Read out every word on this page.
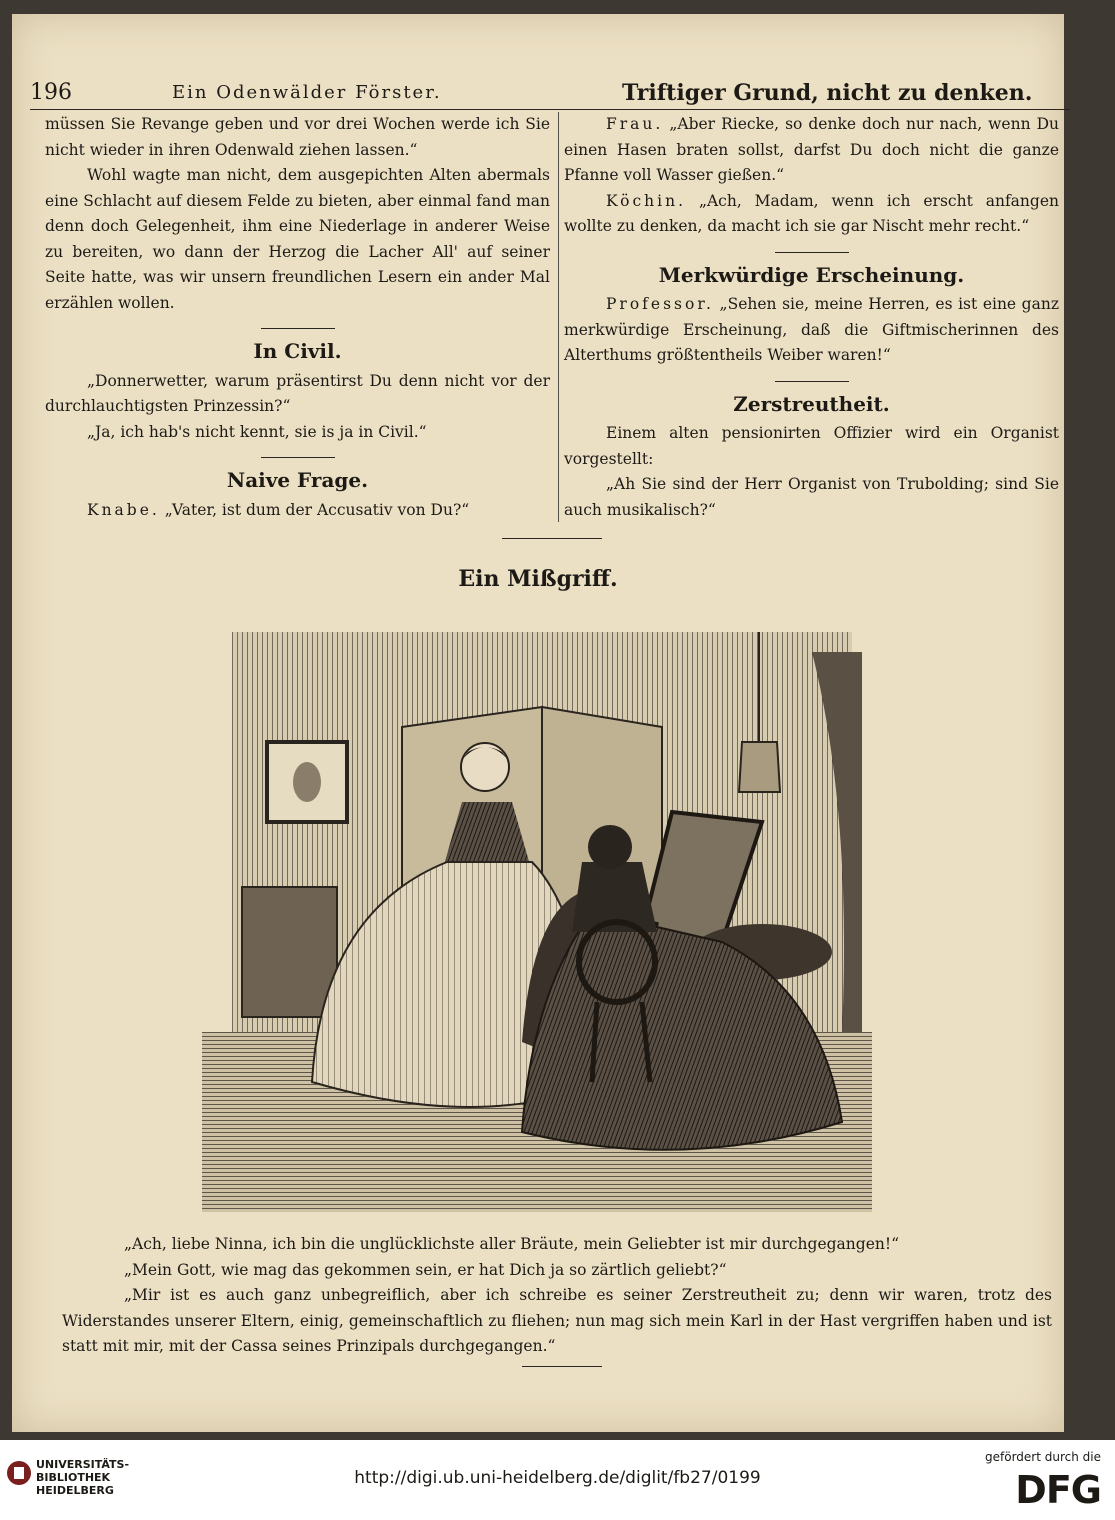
196	Ein Odenwälder Förster.	Triftiger Grund, nicht zu denken.

müssen Sie Revange geben und vor drei Wochen werde ich Sie nicht wieder in ihren Odenwald ziehen lassen.“

Wohl wagte man nicht, dem ausgepichten Alten abermals eine Schlacht auf diesem Felde zu bieten, aber einmal fand man denn doch Gelegenheit, ihm eine Niederlage in anderer Weise zu bereiten, wo dann der Herzog die Lacher All' auf seiner Seite hatte, was wir unsern freundlichen Lesern ein ander Mal erzählen wollen.

In Civil.

„Donnerwetter, warum präsentirst Du denn nicht vor der durchlauchtigsten Prinzessin?“

„Ja, ich hab's nicht kennt, sie is ja in Civil.“

Naive Frage.

Knabe. „Vater, ist dum der Accusativ von Du?“

Frau. „Aber Riecke, so denke doch nur nach, wenn Du einen Hasen braten sollst, darfst Du doch nicht die ganze Pfanne voll Wasser gießen.“

Köchin. „Ach, Madam, wenn ich erscht anfangen wollte zu denken, da macht ich sie gar Nischt mehr recht.“

Merkwürdige Erscheinung.

Professor. „Sehen sie, meine Herren, es ist eine ganz merkwürdige Erscheinung, daß die Giftmischerinnen des Alterthums größtentheils Weiber waren!“

Zerstreutheit.

Einem alten pensionirten Offizier wird ein Organist vorgestellt:

„Ah Sie sind der Herr Organist von Trubolding; sind Sie auch musikalisch?“

Ein Mißgriff.

„Ach, liebe Ninna, ich bin die unglücklichste aller Bräute, mein Geliebter ist mir durchgegangen!“

„Mein Gott, wie mag das gekommen sein, er hat Dich ja so zärtlich geliebt?“

„Mir ist es auch ganz unbegreiflich, aber ich schreibe es seiner Zerstreutheit zu; denn wir waren, trotz des Widerstandes unserer Eltern, einig, gemeinschaftlich zu fliehen; nun mag sich mein Karl in der Hast vergriffen haben und ist statt mit mir, mit der Cassa seines Prinzipals durchgegangen.“

UNIVERSITÄTS-
BIBLIOTHEK
HEIDELBERG
http://digi.ub.uni-heidelberg.de/diglit/fb27/0199
gefördert durch die
DFG
